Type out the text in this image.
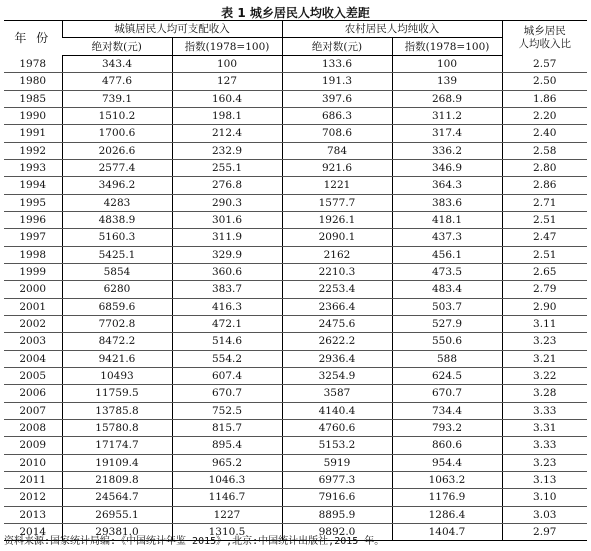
表 1 城乡居民人均收入差距
年 份	城镇居民人均可支配收入		农村居民人均纯收入		城乡居民
人均收入比

	绝对数(元)	指数(1978=100)	绝对数(元)	指数(1978=100)	
1978	343.4	100	133.6	100	2.57
1980	477.6	127	191.3	139	2.50
1985	739.1	160.4	397.6	268.9	1.86
1990	1510.2	198.1	686.3	311.2	2.20
1991	1700.6	212.4	708.6	317.4	2.40
1992	2026.6	232.9	784	336.2	2.58
1993	2577.4	255.1	921.6	346.9	2.80
1994	3496.2	276.8	1221	364.3	2.86
1995	4283	290.3	1577.7	383.6	2.71
1996	4838.9	301.6	1926.1	418.1	2.51
1997	5160.3	311.9	2090.1	437.3	2.47
1998	5425.1	329.9	2162	456.1	2.51
1999	5854	360.6	2210.3	473.5	2.65
2000	6280	383.7	2253.4	483.4	2.79
2001	6859.6	416.3	2366.4	503.7	2.90
2002	7702.8	472.1	2475.6	527.9	3.11
2003	8472.2	514.6	2622.2	550.6	3.23
2004	9421.6	554.2	2936.4	588	3.21
2005	10493	607.4	3254.9	624.5	3.22
2006	11759.5	670.7	3587	670.7	3.28
2007	13785.8	752.5	4140.4	734.4	3.33
2008	15780.8	815.7	4760.6	793.2	3.31
2009	17174.7	895.4	5153.2	860.6	3.33
2010	19109.4	965.2	5919	954.4	3.23
2011	21809.8	1046.3	6977.3	1063.2	3.13
2012	24564.7	1146.7	7916.6	1176.9	3.10
2013	26955.1	1227	8895.9	1286.4	3.03
2014	29381.0	1310.5	9892.0	1404.7	2.97
资料来源:国家统计局编:《中国统计年鉴 2015》,北京:中国统计出版社,2015 年。
